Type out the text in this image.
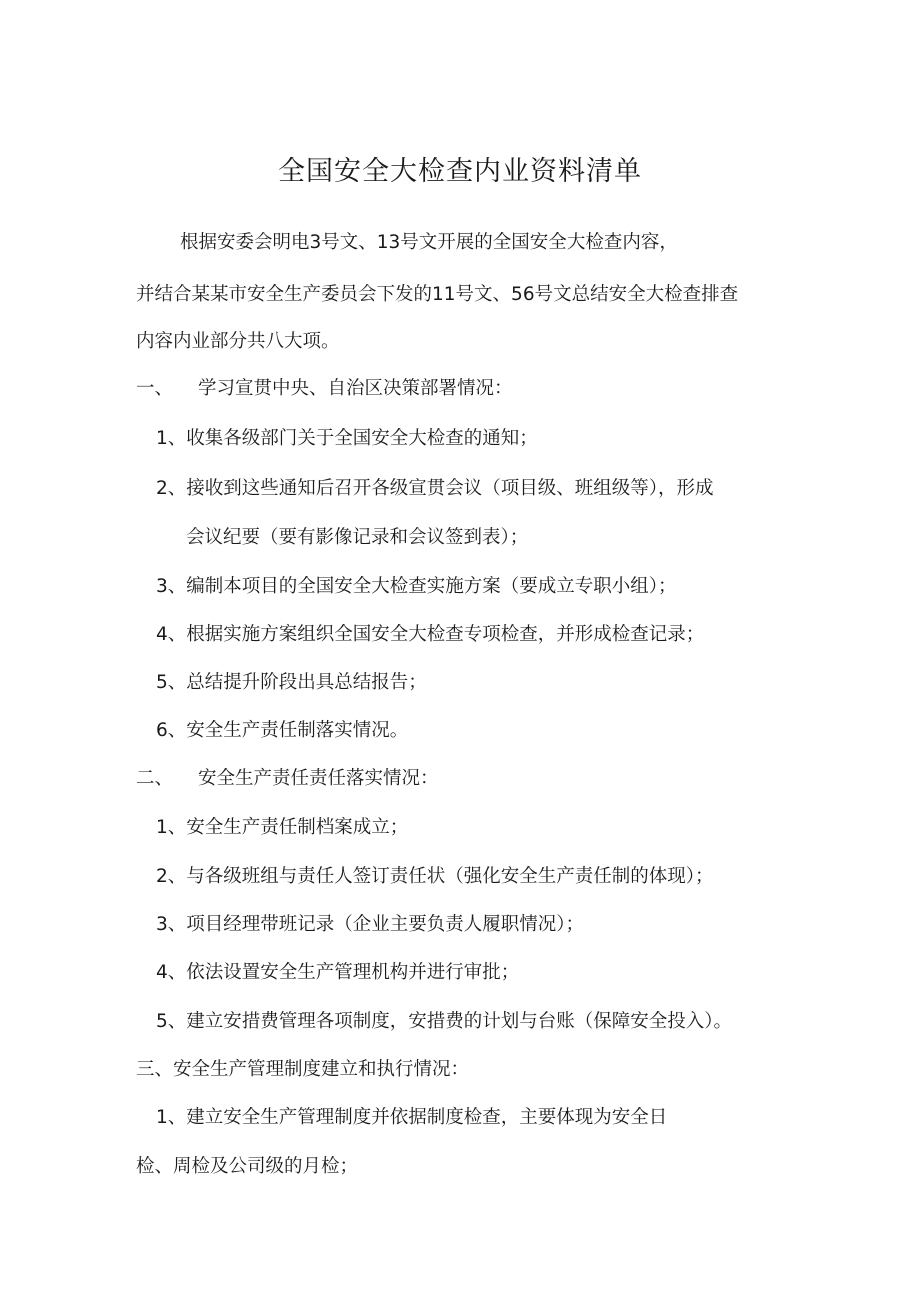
全国安全大检查内业资料清单
根据安委会明电3号文、13号文开展的全国安全大检查内容，
并结合某某市安全生产委员会下发的11号文、56号文总结安全大检查排查
内容内业部分共八大项。
一、 学习宣贯中央、自治区决策部署情况：
1、收集各级部门关于全国安全大检查的通知；
2、接收到这些通知后召开各级宣贯会议（项目级、班组级等），形成
会议纪要（要有影像记录和会议签到表）；
3、编制本项目的全国安全大检查实施方案（要成立专职小组）；
4、根据实施方案组织全国安全大检查专项检查，并形成检查记录；
5、总结提升阶段出具总结报告；
6、安全生产责任制落实情况。
二、 安全生产责任责任落实情况：
1、安全生产责任制档案成立；
2、与各级班组与责任人签订责任状（强化安全生产责任制的体现）；
3、项目经理带班记录（企业主要负责人履职情况）；
4、依法设置安全生产管理机构并进行审批；
5、建立安措费管理各项制度，安措费的计划与台账（保障安全投入）。
三、安全生产管理制度建立和执行情况：
1、建立安全生产管理制度并依据制度检查，主要体现为安全日
检、周检及公司级的月检；
